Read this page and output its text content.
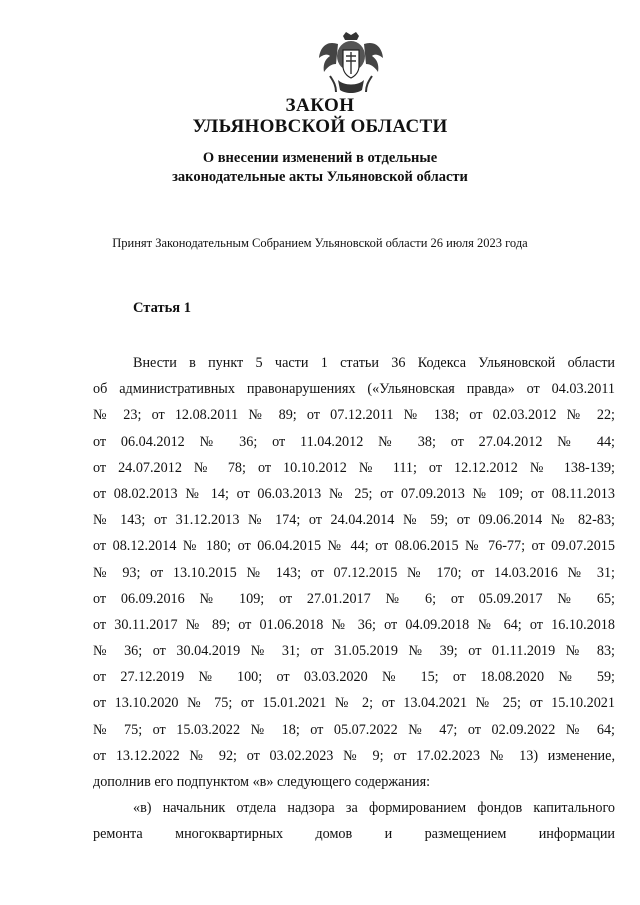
ЗАКОН
УЛЬЯНОВСКОЙ ОБЛАСТИ

О внесении изменений в отдельные

законодательные акты Ульяновской области

Принят Законодательным Собранием Ульяновской области 26 июля 2023 года

Статья 1

Внести в пункт 5 части 1 статьи 36 Кодекса Ульяновской области
об административных правонарушениях («Ульяновская правда» от 04.03.2011
№ 23; от 12.08.2011 № 89; от 07.12.2011 № 138; от 02.03.2012 № 22;
от 06.04.2012 № 36; от 11.04.2012 № 38; от 27.04.2012 № 44;
от 24.07.2012 № 78; от 10.10.2012 № 111; от 12.12.2012 № 138-139;
от 08.02.2013 № 14; от 06.03.2013 № 25; от 07.09.2013 № 109; от 08.11.2013
№ 143; от 31.12.2013 № 174; от 24.04.2014 № 59; от 09.06.2014 № 82-83;
от 08.12.2014 № 180; от 06.04.2015 № 44; от 08.06.2015 № 76-77; от 09.07.2015
№ 93; от 13.10.2015 № 143; от 07.12.2015 № 170; от 14.03.2016 № 31;
от 06.09.2016 № 109; от 27.01.2017 № 6; от 05.09.2017 № 65;
от 30.11.2017 № 89; от 01.06.2018 № 36; от 04.09.2018 № 64; от 16.10.2018
№ 36; от 30.04.2019 № 31; от 31.05.2019 № 39; от 01.11.2019 № 83;
от 27.12.2019 № 100; от 03.03.2020 № 15; от 18.08.2020 № 59;
от 13.10.2020 № 75; от 15.01.2021 № 2; от 13.04.2021 № 25; от 15.10.2021
№ 75; от 15.03.2022 № 18; от 05.07.2022 № 47; от 02.09.2022 № 64;
от 13.12.2022 № 92; от 03.02.2023 № 9; от 17.02.2023 № 13) изменение,
дополнив его подпунктом «в» следующего содержания:
«в) начальник отдела надзора за формированием фондов капитального
ремонта многоквартирных домов и размещением информации
